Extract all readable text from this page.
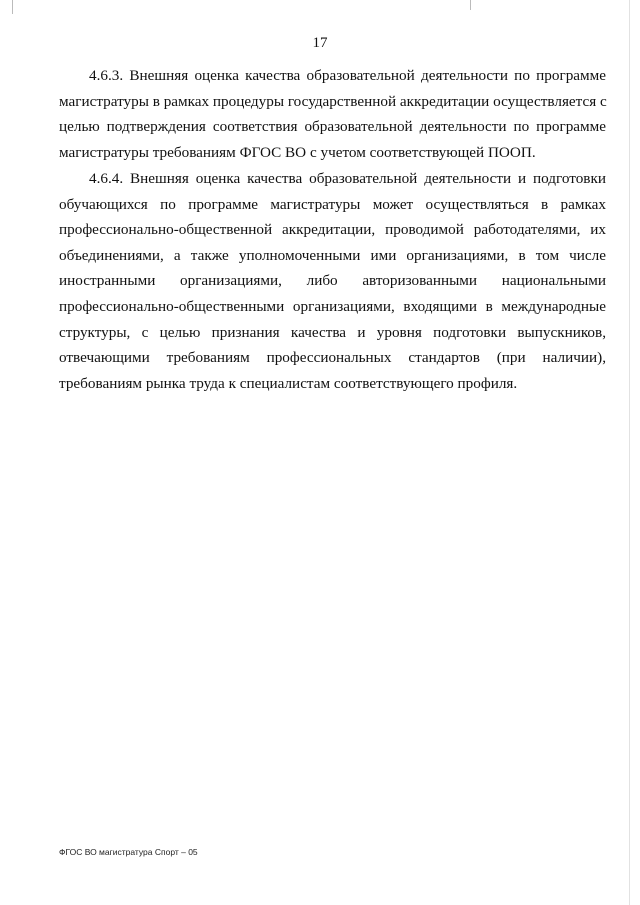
17
4.6.3. Внешняя оценка качества образовательной деятельности по программе
магистратуры в рамках процедуры государственной аккредитации осуществляется с
целью подтверждения соответствия образовательной деятельности по программе
магистратуры требованиям ФГОС ВО с учетом соответствующей ПООП.
4.6.4. Внешняя оценка качества образовательной деятельности и подготовки
обучающихся по программе магистратуры может осуществляться в рамках
профессионально-общественной аккредитации, проводимой работодателями, их
объединениями, а также уполномоченными ими организациями, в том числе
иностранными организациями, либо авторизованными национальными
профессионально-общественными организациями, входящими в международные
структуры, с целью признания качества и уровня подготовки выпускников,
отвечающими требованиям профессиональных стандартов (при наличии),
требованиям рынка труда к специалистам соответствующего профиля.
ФГОС ВО магистратура Спорт – 05
